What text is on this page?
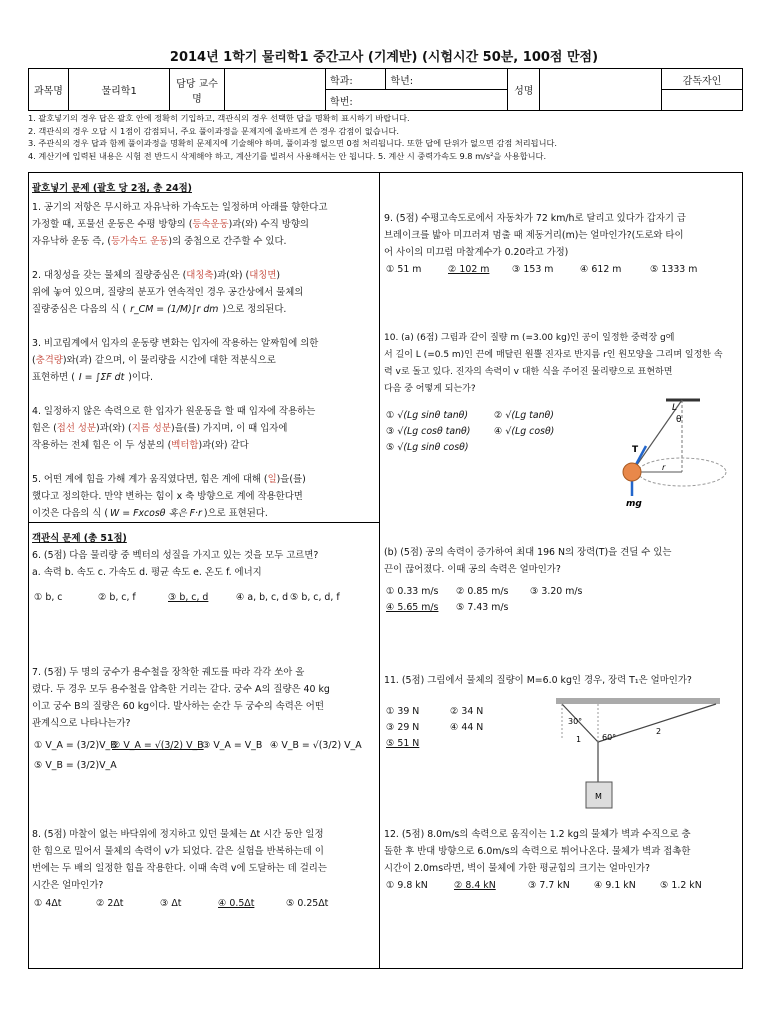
2014년 1학기 물리학1 중간고사 (기계반) (시험시간 50분, 100점 만점)
과목명	물리학1	담당 교수명		학과:	학년:	성명		감독자인
				학번:				
1. 괄호넣기의 경우 답은 괄호 안에 정확히 기입하고, 객관식의 경우 선택한 답을 명확히 표시하기 바랍니다.
2. 객관식의 경우 오답 시 1점이 감점되니, 주요 풀이과정을 문제지에 올바르게 쓴 경우 감점이 없습니다.
3. 주관식의 경우 답과 함께 풀이과정을 명확히 문제지에 기술해야 하며, 풀이과정 없으면 0점 처리됩니다. 또한 답에 단위가 없으면 감점 처리됩니다.
4. 계산기에 입력된 내용은 시험 전 반드시 삭제해야 하고, 계산기를 빌려서 사용해서는 안 됩니다. 5. 계산 시 중력가속도 9.8 m/s²을 사용합니다.
괄호넣기 문제 (괄호 당 2점, 총 24점)
1. 공기의 저항은 무시하고 자유낙하 가속도는 일정하며 아래를 향한다고
가정할 때, 포물선 운동은 수평 방향의 (등속운동)과(와) 수직 방향의
자유낙하 운동 즉, (등가속도 운동)의 중첩으로 간주할 수 있다.
2. 대칭성을 갖는 물체의 질량중심은 (대칭축)과(와) (대칭면)
위에 놓여 있으며, 질량의 분포가 연속적인 경우 공간상에서 물체의
질량중심은 다음의 식 ( r_CM = (1/M)∫r dm )으로 정의된다.
3. 비고립계에서 입자의 운동량 변화는 입자에 작용하는 알짜힘에 의한
(충격량)와(과) 같으며, 이 물리량을 시간에 대한 적분식으로
표현하면 ( I = ∫ΣF dt )이다.
4. 일정하지 않은 속력으로 한 입자가 원운동을 할 때 입자에 작용하는
힘은 (접선 성분)과(와) (지름 성분)을(를) 가지며, 이 때 입자에
작용하는 전체 힘은 이 두 성분의 (벡터합)과(와) 같다
5. 어떤 계에 힘을 가해 계가 움직였다면, 힘은 계에 대해 (일)을(를)
했다고 정의한다. 만약 변하는 힘이 x 축 방향으로 계에 작용한다면
이것은 다음의 식 ( W = Fxcosθ 혹은 F·r )으로 표현된다.
객관식 문제 (총 51점)
6. (5점) 다음 물리량 중 벡터의 성질을 가지고 있는 것을 모두 고르면?
a. 속력 b. 속도 c. 가속도 d. 평균 속도 e. 온도 f. 에너지
① b, c	② b, c, f	③ b, c, d	④ a, b, c, d ⑤ b, c, d, f
7. (5점) 두 명의 궁수가 용수철을 장착한 궤도를 따라 각각 쏘아 올
렸다. 두 경우 모두 용수철을 압축한 거리는 같다. 궁수 A의 질량은 40 kg
이고 궁수 B의 질량은 60 kg이다. 발사하는 순간 두 궁수의 속력은 어떤
관계식으로 나타나는가?
① V_A = (3/2)V_B
② V_A = √(3/2) V_B
③ V_A = V_B ④ V_B = √(3/2) V_A
⑤ V_B = (3/2)V_A
8. (5점) 마찰이 없는 바닥위에 정지하고 있던 물체는 Δt 시간 동안 일정
한 힘으로 밀어서 물체의 속력이 v가 되었다. 같은 실험을 반복하는데 이
번에는 두 배의 일정한 힘을 작용한다. 이때 속력 v에 도달하는 데 걸리는
시간은 얼마인가?
① 4Δt	② 2Δt	③ Δt	④ 0.5Δt	⑤ 0.25Δt
9. (5점) 수평고속도로에서 자동차가 72 km/h로 달리고 있다가 갑자기 급
브레이크를 밟아 미끄러져 멈출 때 제동거리(m)는 얼마인가?(도로와 타이
어 사이의 미끄럼 마찰계수가 0.20라고 가정)
① 51 m	② 102 m ③ 153 m	④ 612 m	⑤ 1333 m
10. (a) (6점) 그림과 같이 질량 m (=3.00 kg)인 공이 일정한 중력장 g에
서 길이 L (=0.5 m)인 끈에 매달린 원뿔 진자로 반지름 r인 원모양을 그리며 일정한 속
력 v로 돌고 있다. 진자의 속력이 v 대한 식을 주어진 물리량으로 표현하면
다음 중 어떻게 되는가?
① √(Lg sinθ tanθ)	② √(Lg tanθ)
③ √(Lg cosθ tanθ)	④ √(Lg cosθ)
⑤ √(Lg sinθ cosθ)
L
θ
T
r
mg
(b) (5점) 공의 속력이 증가하여 최대 196 N의 장력(T)을 견딜 수 있는
끈이 끊어졌다. 이때 공의 속력은 얼마인가?
① 0.33 m/s ② 0.85 m/s ③ 3.20 m/s
④ 5.65 m/s ⑤ 7.43 m/s
11. (5점) 그림에서 물체의 질량이 M=6.0 kg인 경우, 장력 T₁은 얼마인가?
① 39 N	② 34 N
③ 29 N	④ 44 N
⑤ 51 N
30°
60°
1
2
M
12. (5점) 8.0m/s의 속력으로 움직이는 1.2 kg의 물체가 벽과 수직으로 충
돌한 후 반대 방향으로 6.0m/s의 속력으로 튀어나온다. 물체가 벽과 접촉한
시간이 2.0ms라면, 벽이 물체에 가한 평균힘의 크기는 얼마인가?
① 9.8 kN	② 8.4 kN	③ 7.7 kN	④ 9.1 kN	⑤ 1.2 kN
